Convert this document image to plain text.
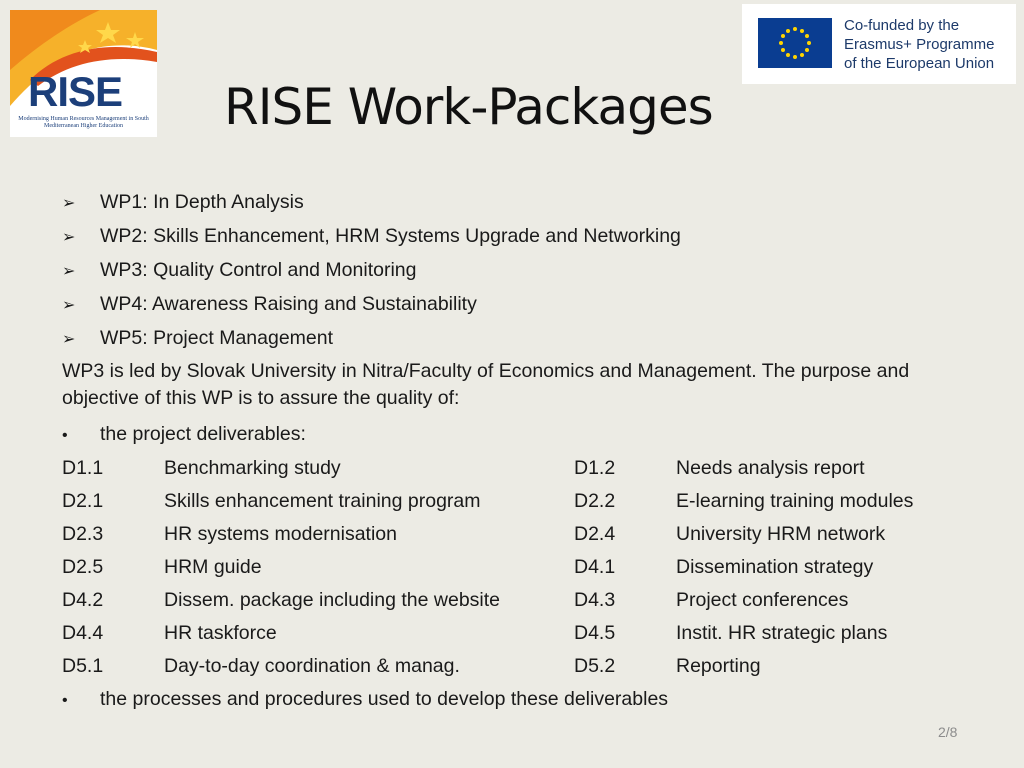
RISE
Modernising Human Resources Management in South Mediterranean Higher Education
Co-funded by the
Erasmus+ Programme
of the European Union
RISE Work-Packages
➢	WP1: In Depth Analysis
➢	WP2: Skills Enhancement, HRM Systems Upgrade and Networking
➢	WP3: Quality Control and Monitoring
➢	WP4: Awareness Raising and Sustainability
➢	WP5: Project Management
WP3 is led by Slovak University in Nitra/Faculty of Economics and Management. The purpose and objective of this WP is to assure the quality of:
•	the project deliverables:
D1.1	Benchmarking study	D1.2	Needs analysis report
D2.1	Skills enhancement training program	D2.2	E-learning training modules
D2.3	HR systems modernisation	D2.4	University HRM network
D2.5	HRM guide	D4.1	Dissemination strategy
D4.2	Dissem. package including the website	D4.3	Project conferences
D4.4	HR taskforce	D4.5	Instit. HR strategic plans
D5.1	Day-to-day coordination & manag.	D5.2	Reporting
•	the processes and procedures used to develop these deliverables
2/8
